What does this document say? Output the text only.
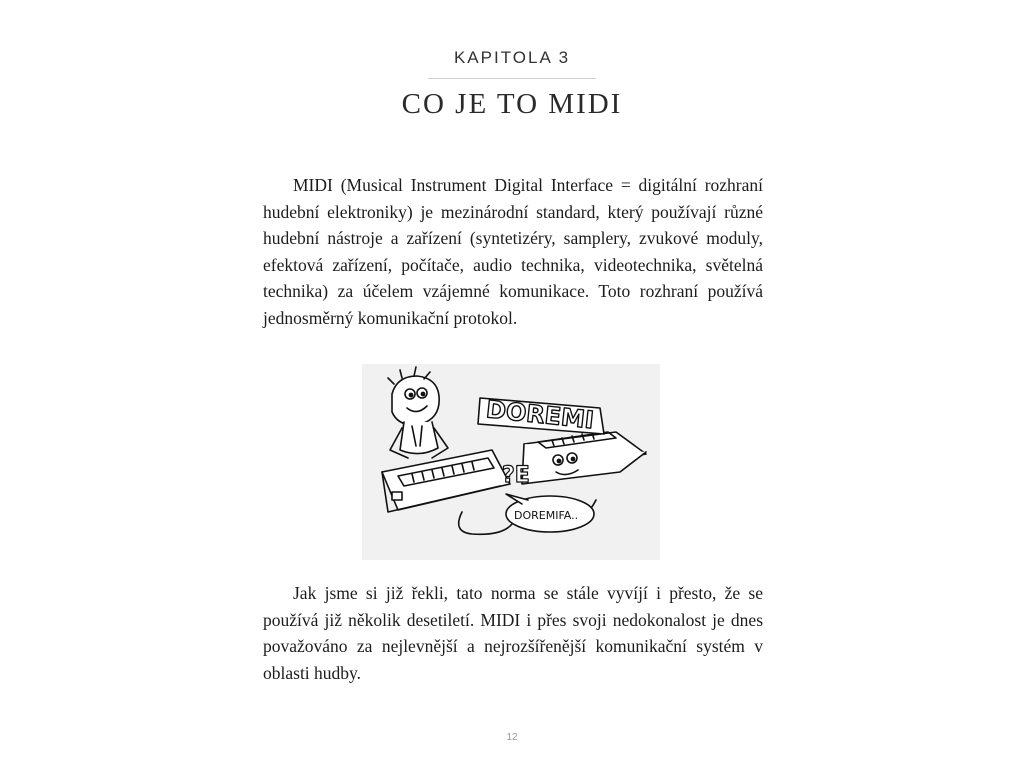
KAPITOLA 3
CO JE TO MIDI

MIDI (Musical Instrument Digital Interface = digitální rozhraní hudební elektroniky) je mezinárodní standard, který používají různé hudební nástroje a zařízení (syntetizéry, samplery, zvukové moduly, efektová zařízení, počítače, audio technika, videotechnika, světelná technika) za účelem vzájemné komunikace. Toto rozhraní používá jednosměrný komunikační protokol.

DOREMI
?E
DOREMIFA..

Jak jsme si již řekli, tato norma se stále vyvíjí i přesto, že se používá již několik desetiletí. MIDI i přes svoji nedokonalost je dnes považováno za nejlevnější a nejrozšířenější komunikační systém v oblasti hudby.

12
